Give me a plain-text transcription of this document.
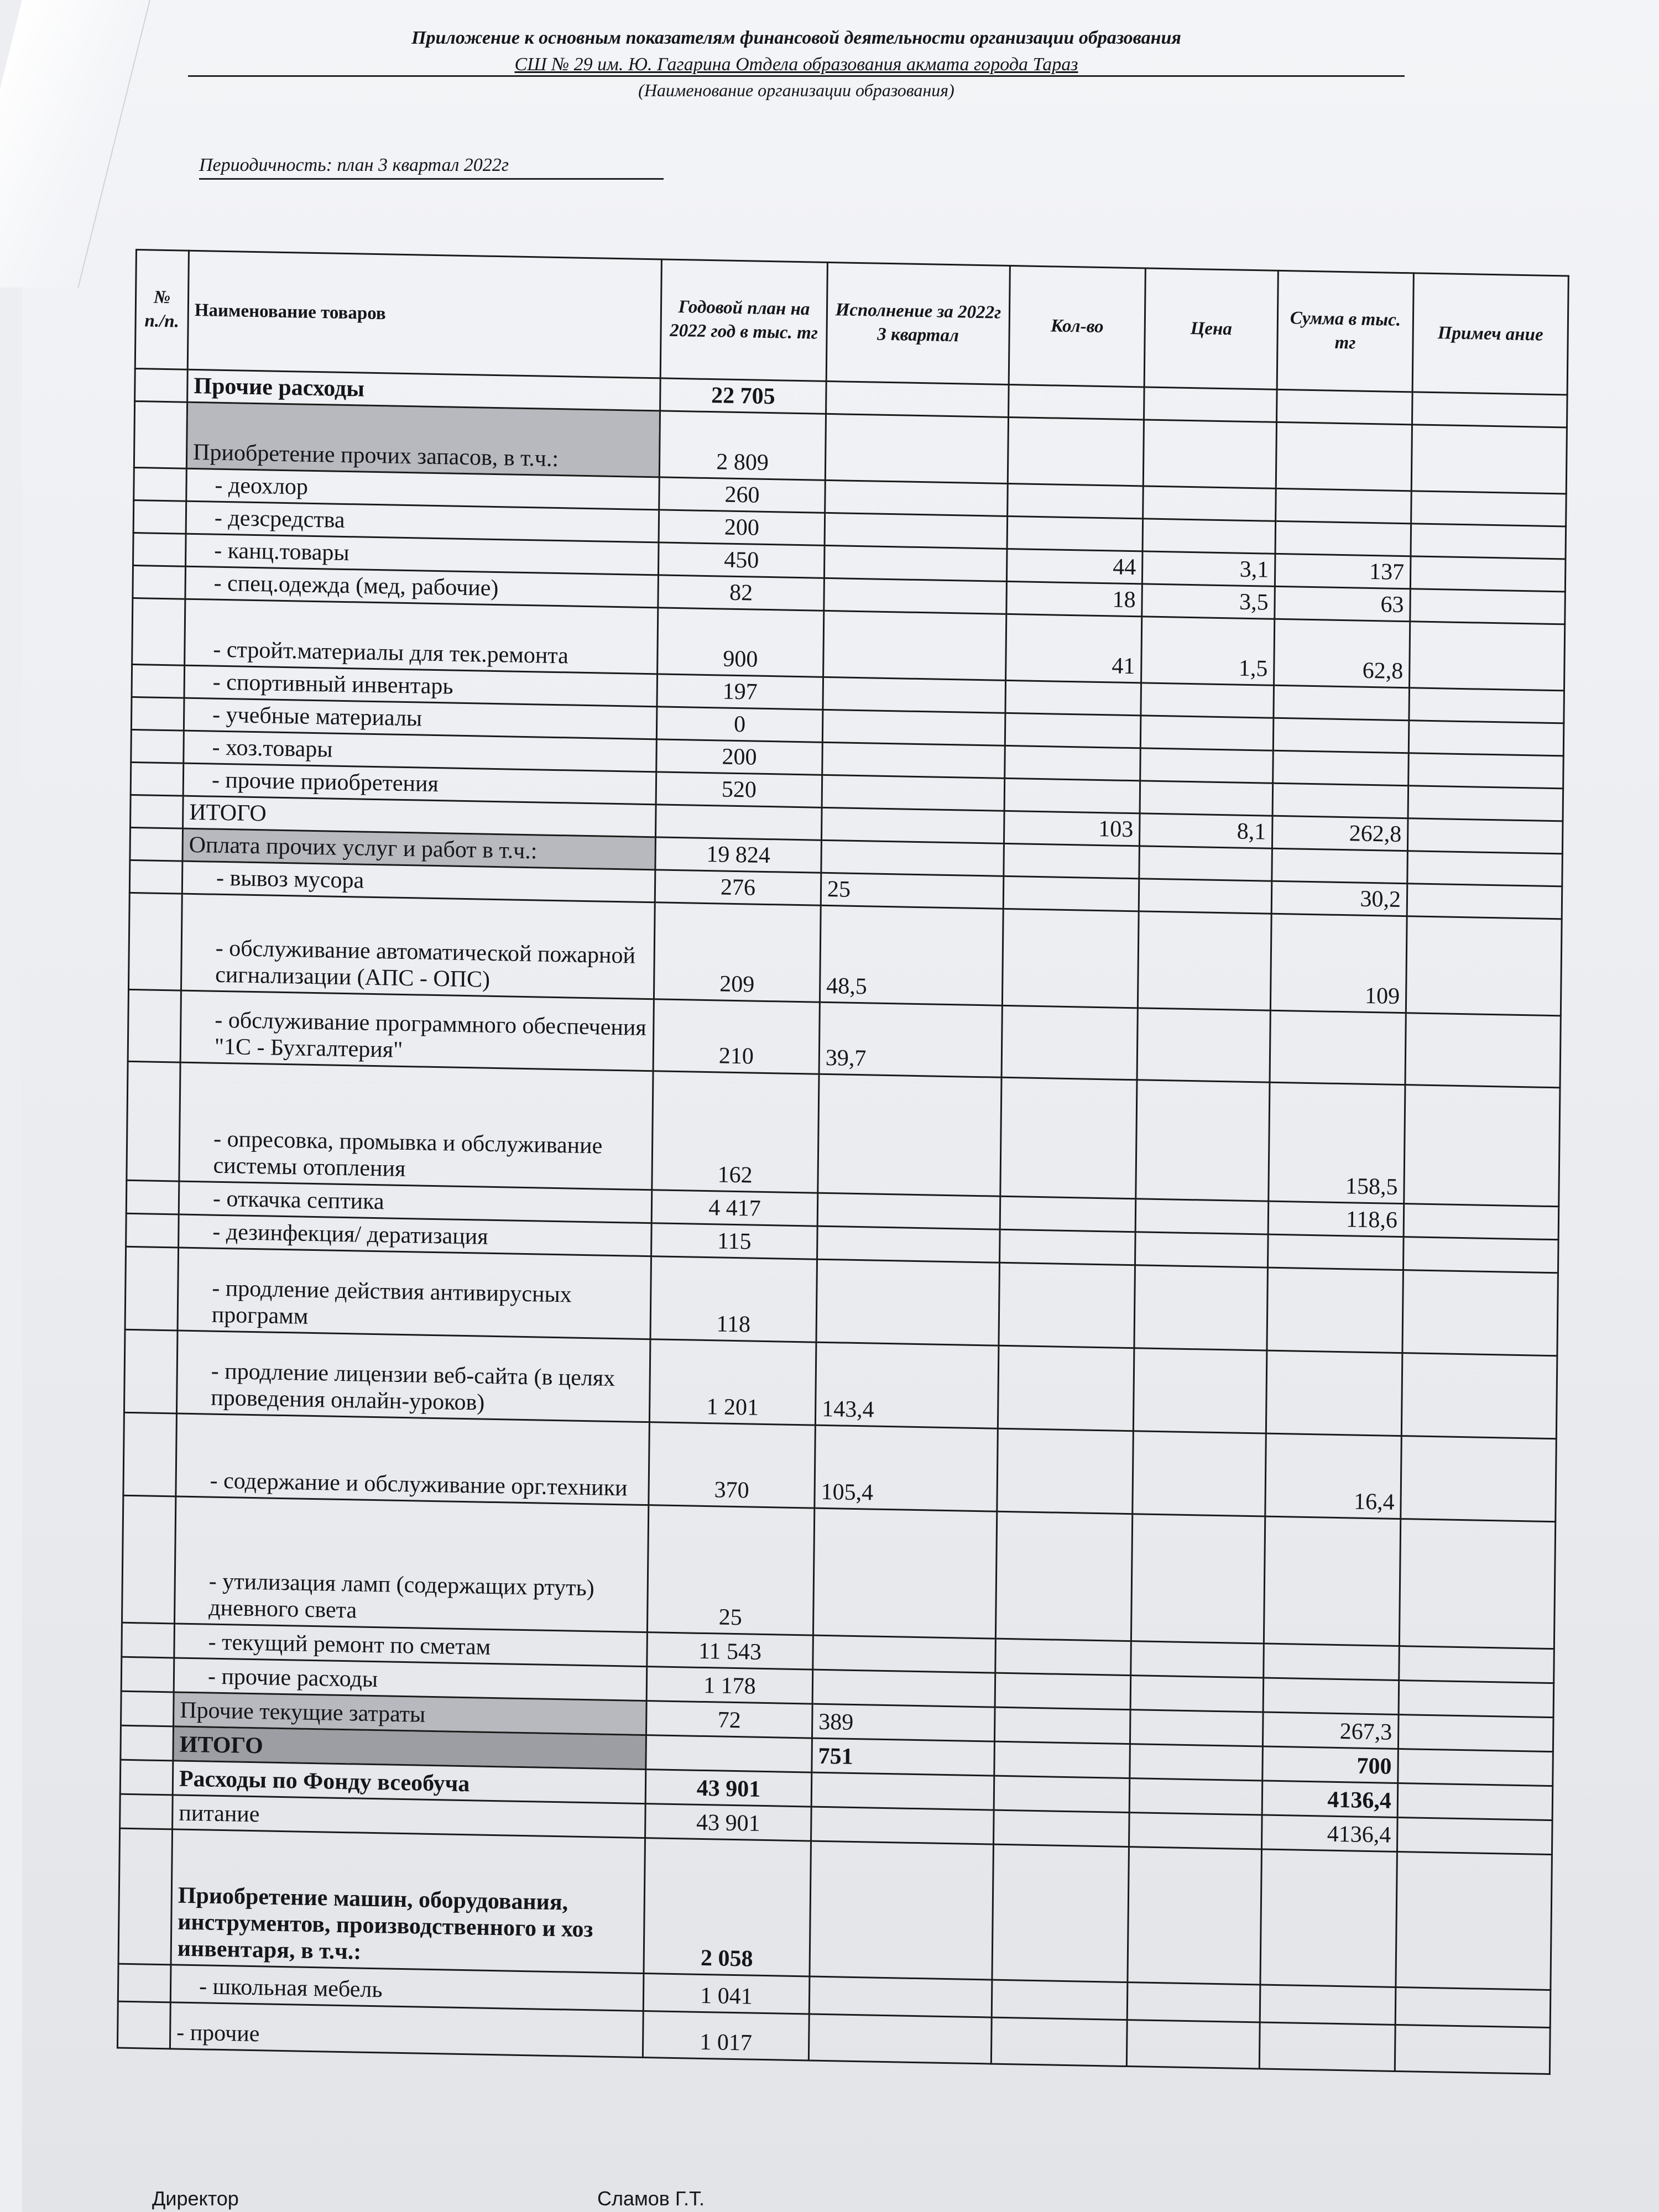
Приложение к основным показателям финансовой деятельности организации образования
СШ № 29 им. Ю. Гагарина Отдела образования акмата города Тараз
(Наименование организации образования)
Периодичность: план 3 квартал 2022г
№ п./п.	Наименование товаров	Годовой план на 2022 год в тыс. тг	Исполнение за 2022г 3 квартал	Кол-во	Цена	Сумма в тыс. тг	Примеч ание
	Прочие расходы	22 705					
	Приобретение прочих запасов, в т.ч.:	2 809					
	- деохлор	260					
	- дезсредства	200					
	- канц.товары	450		44	3,1	137	
	- спец.одежда (мед, рабочие)	82		18	3,5	63	
	- стройт.материалы для тек.ремонта	900		41	1,5	62,8	
	- спортивный инвентарь	197					
	- учебные материалы	0					
	- хоз.товары	200					
	- прочие приобретения	520					
	ИТОГО			103	8,1	262,8	
	Оплата прочих услуг и работ в т.ч.:	19 824					
	- вывоз мусора	276	25			30,2	
	- обслуживание автоматической пожарной сигнализации (АПС - ОПС)	209	48,5			109	
	- обслуживание программного обеспечения "1С - Бухгалтерия"	210	39,7				
	- опресовка, промывка и обслуживание системы отопления	162				158,5	
	- откачка септика	4 417				118,6	
	- дезинфекция/ дератизация	115					
	- продление действия антивирусных программ	118					
	- продление лицензии веб-сайта (в целях проведения онлайн-уроков)	1 201	143,4				
	- содержание и обслуживание орг.техники	370	105,4			16,4	
	- утилизация ламп (содержащих ртуть) дневного света	25					
	- текущий ремонт по сметам	11 543					
	- прочие расходы	1 178					
	Прочие текущие затраты	72	389			267,3	
	ИТОГО		751			700	
	Расходы по Фонду всеобуча	43 901				4136,4	
	питание	43 901				4136,4	
	Приобретение машин, оборудования, инструментов, производственного и хоз инвентаря, в т.ч.:	2 058					
	- школьная мебель	1 041					
	- прочие	1 017					
Директор	Сламов Г.Т.
